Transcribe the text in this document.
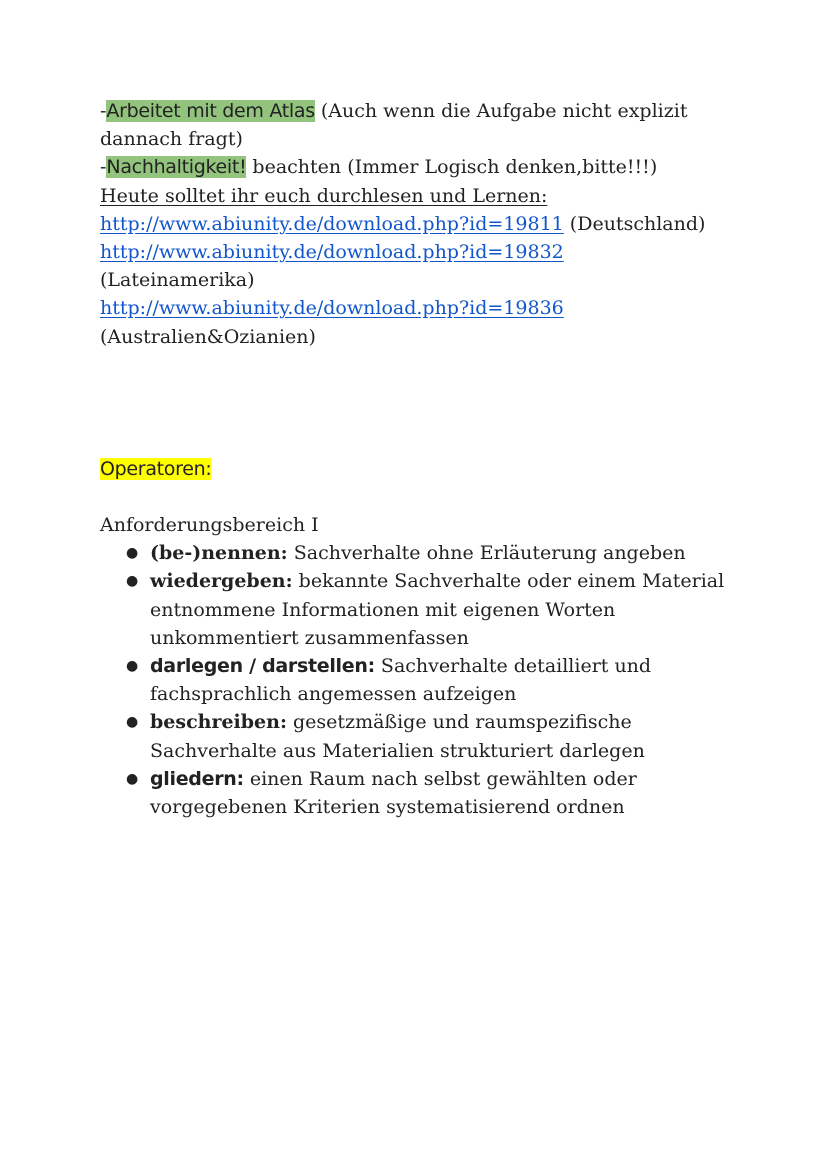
-Arbeitet mit dem Atlas (Auch wenn die Aufgabe nicht explizit
dannach fragt)
-Nachhaltigkeit! beachten (Immer Logisch denken,bitte!!!)
Heute solltet ihr euch durchlesen und Lernen:
http://www.abiunity.de/download.php?id=19811 (Deutschland)
http://www.abiunity.de/download.php?id=19832
(Lateinamerika)
http://www.abiunity.de/download.php?id=19836
(Australien&Ozianien)
Operatoren:
Anforderungsbereich I
● (be-)nennen: Sachverhalte ohne Erläuterung angeben
● wiedergeben: bekannte Sachverhalte oder einem Material
entnommene Informationen mit eigenen Worten
unkommentiert zusammenfassen
● darlegen / darstellen: Sachverhalte detailliert und
fachsprachlich angemessen aufzeigen
● beschreiben: gesetzmäßige und raumspezifische
Sachverhalte aus Materialien strukturiert darlegen
● gliedern: einen Raum nach selbst gewählten oder
vorgegebenen Kriterien systematisierend ordnen
